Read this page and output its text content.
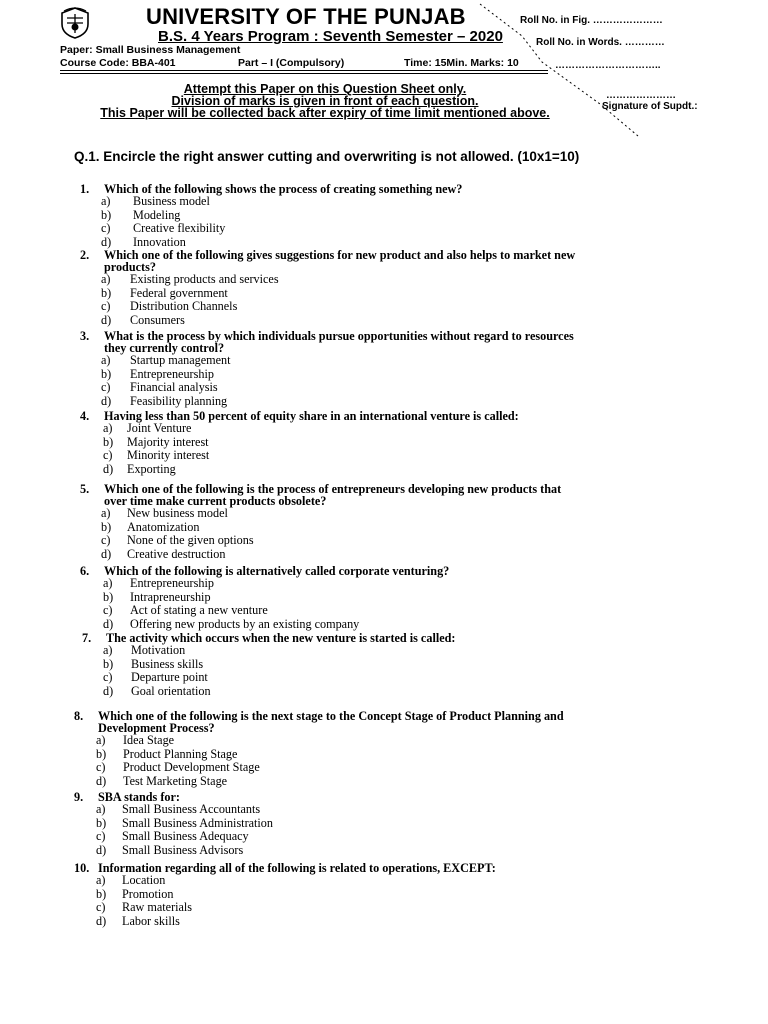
UNIVERSITY OF THE PUNJAB
B.S. 4 Years Program : Seventh Semester – 2020
Paper: Small Business Management
Course Code: BBA-401	Part – I (Compulsory)	Time: 15Min. Marks: 10
Roll No. in Fig. …………………
Roll No. in Words. …………
…………………………..
…………………
Signature of Supdt.:
Attempt this Paper on this Question Sheet only.
Division of marks is given in front of each question.
This Paper will be collected back after expiry of time limit mentioned above.
Q.1. Encircle the right answer cutting and overwriting is not allowed. (10x1=10)
1. Which of the following shows the process of creating something new?
a) Business model
b) Modeling
c) Creative flexibility
d) Innovation
2. Which one of the following gives suggestions for new product and also helps to market new
products?
a) Existing products and services
b) Federal government
c) Distribution Channels
d) Consumers
3. What is the process by which individuals pursue opportunities without regard to resources
they currently control?
a) Startup management
b) Entrepreneurship
c) Financial analysis
d) Feasibility planning
4. Having less than 50 percent of equity share in an international venture is called:
a) Joint Venture
b) Majority interest
c) Minority interest
d) Exporting
5. Which one of the following is the process of entrepreneurs developing new products that
over time make current products obsolete?
a) New business model
b) Anatomization
c) None of the given options
d) Creative destruction
6. Which of the following is alternatively called corporate venturing?
a) Entrepreneurship
b) Intrapreneurship
c) Act of stating a new venture
d) Offering new products by an existing company
7. The activity which occurs when the new venture is started is called:
a) Motivation
b) Business skills
c) Departure point
d) Goal orientation
8. Which one of the following is the next stage to the Concept Stage of Product Planning and
Development Process?
a) Idea Stage
b) Product Planning Stage
c) Product Development Stage
d) Test Marketing Stage
9. SBA stands for:
a) Small Business Accountants
b) Small Business Administration
c) Small Business Adequacy
d) Small Business Advisors
10. Information regarding all of the following is related to operations, EXCEPT:
a) Location
b) Promotion
c) Raw materials
d) Labor skills
